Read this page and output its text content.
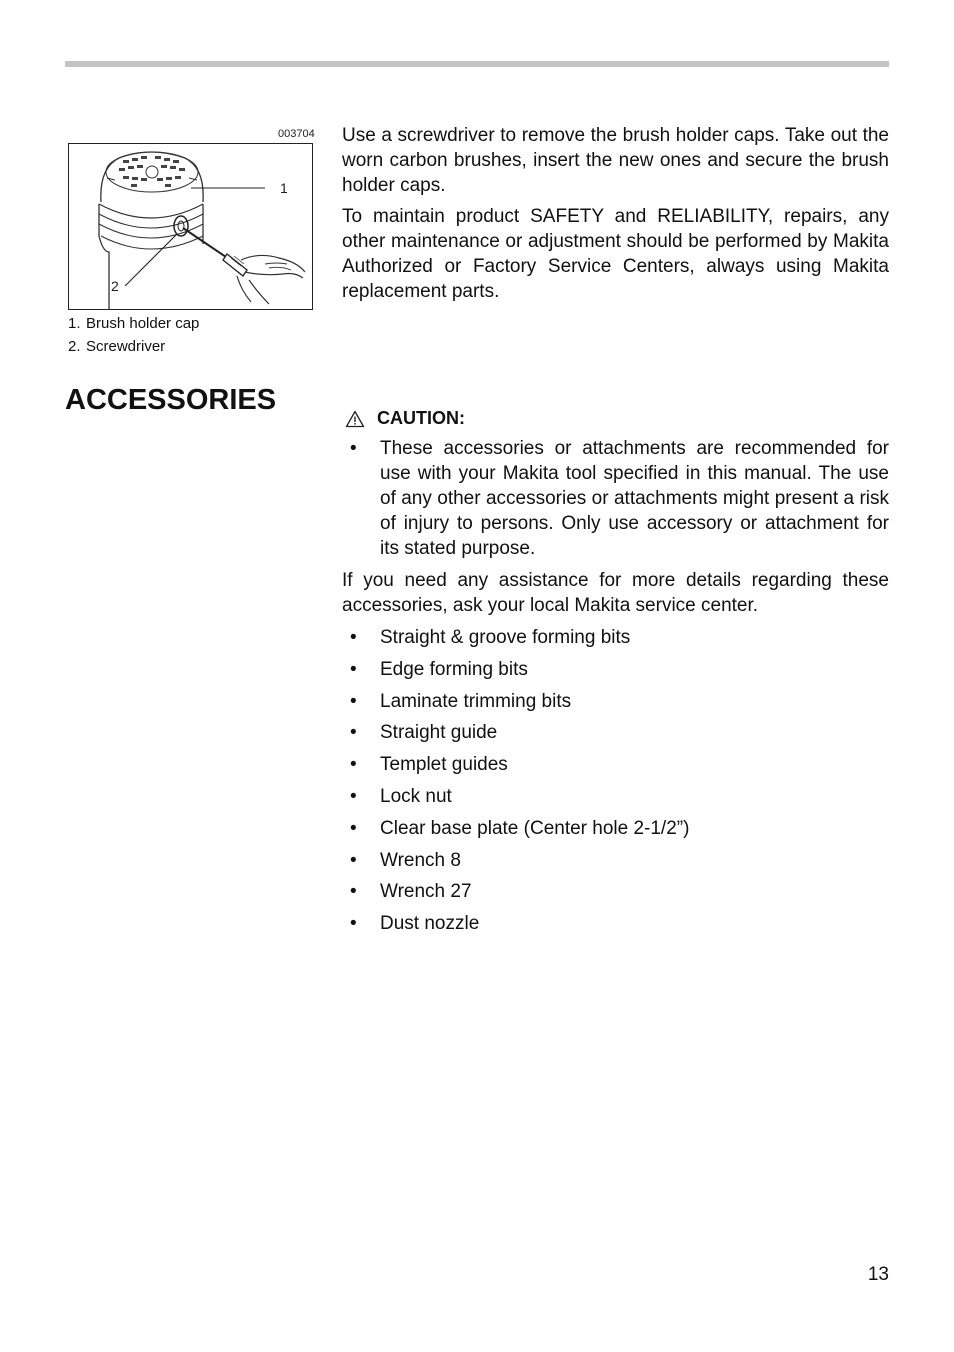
003704
1
2
1. Brush holder cap
2. Screwdriver
Use a screwdriver to remove the brush holder caps. Take out the worn carbon brushes, insert the new ones and secure the brush holder caps.
To maintain product SAFETY and RELIABILITY, repairs, any other maintenance or adjustment should be performed by Makita Authorized or Factory Service Centers, always using Makita replacement parts.
ACCESSORIES
CAUTION:
• These accessories or attachments are recommended for use with your Makita tool specified in this manual. The use of any other accessories or attachments might present a risk of injury to persons. Only use accessory or attachment for its stated purpose.
If you need any assistance for more details regarding these accessories, ask your local Makita service center.
• Straight & groove forming bits
• Edge forming bits
• Laminate trimming bits
• Straight guide
• Templet guides
• Lock nut
• Clear base plate (Center hole 2-1/2”)
• Wrench 8
• Wrench 27
• Dust nozzle
13
